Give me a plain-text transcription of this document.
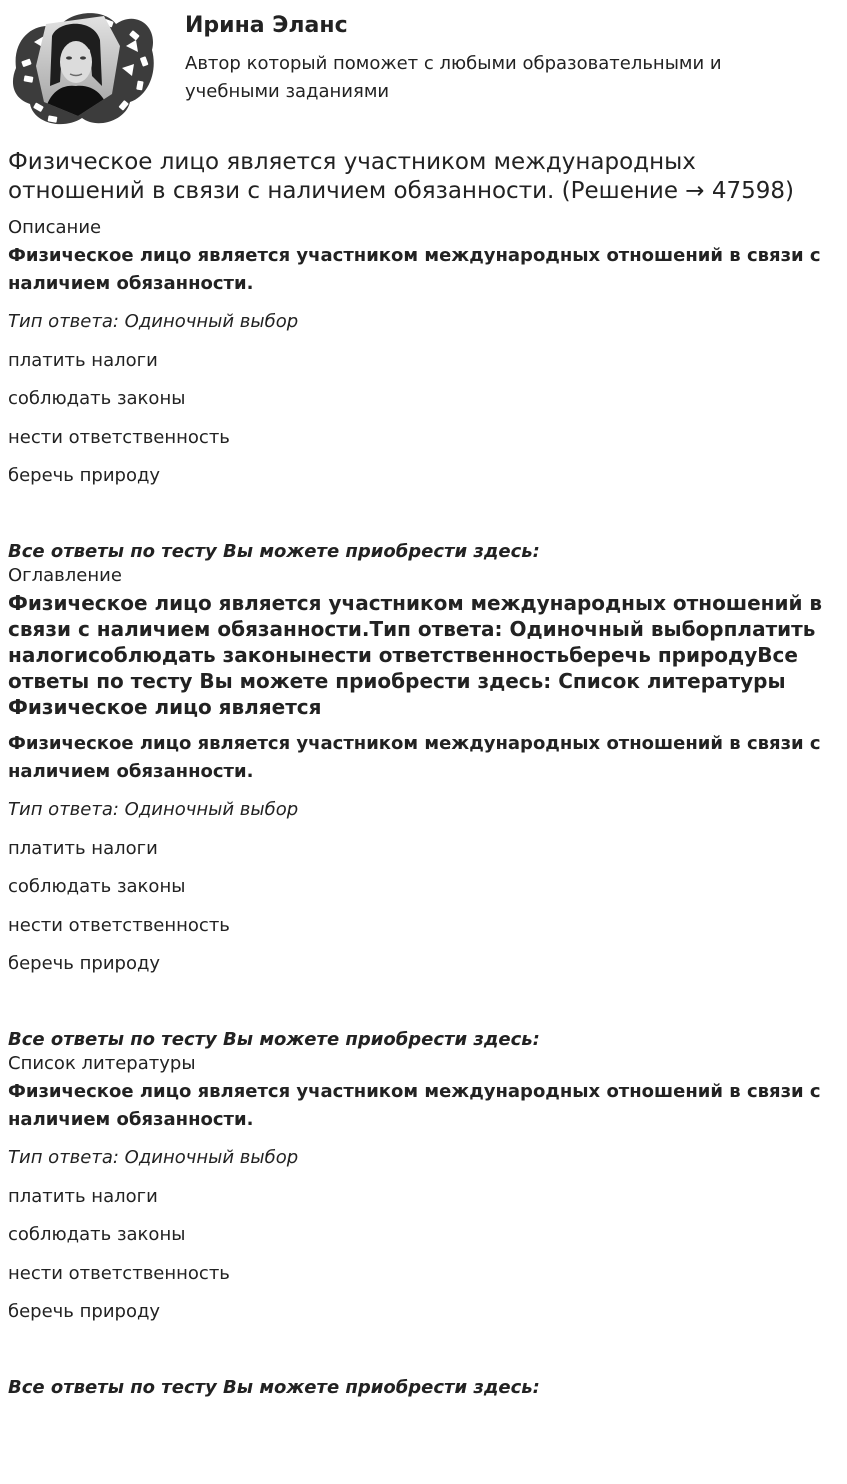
Ирина Эланс
Автор который поможет с любыми образовательными и учебными заданиями
Физическое лицо является участником международных отношений в связи с наличием обязанности. (Решение → 47598)
Описание
Физическое лицо является участником международных отношений в связи с наличием обязанности.
Тип ответа: Одиночный выбор
платить налоги
соблюдать законы
нести ответственность
беречь природу
Все ответы по тесту Вы можете приобрести здесь:
Оглавление
Физическое лицо является участником международных отношений в связи с наличием обязанности.Тип ответа: Одиночный выборплатить налогисоблюдать законынести ответственностьберечь природуВсе ответы по тесту Вы можете приобрести здесь: Список литературы Физическое лицо является
Физическое лицо является участником международных отношений в связи с наличием обязанности.
Тип ответа: Одиночный выбор
платить налоги
соблюдать законы
нести ответственность
беречь природу
Все ответы по тесту Вы можете приобрести здесь:
Список литературы
Физическое лицо является участником международных отношений в связи с наличием обязанности.
Тип ответа: Одиночный выбор
платить налоги
соблюдать законы
нести ответственность
беречь природу
Все ответы по тесту Вы можете приобрести здесь:
